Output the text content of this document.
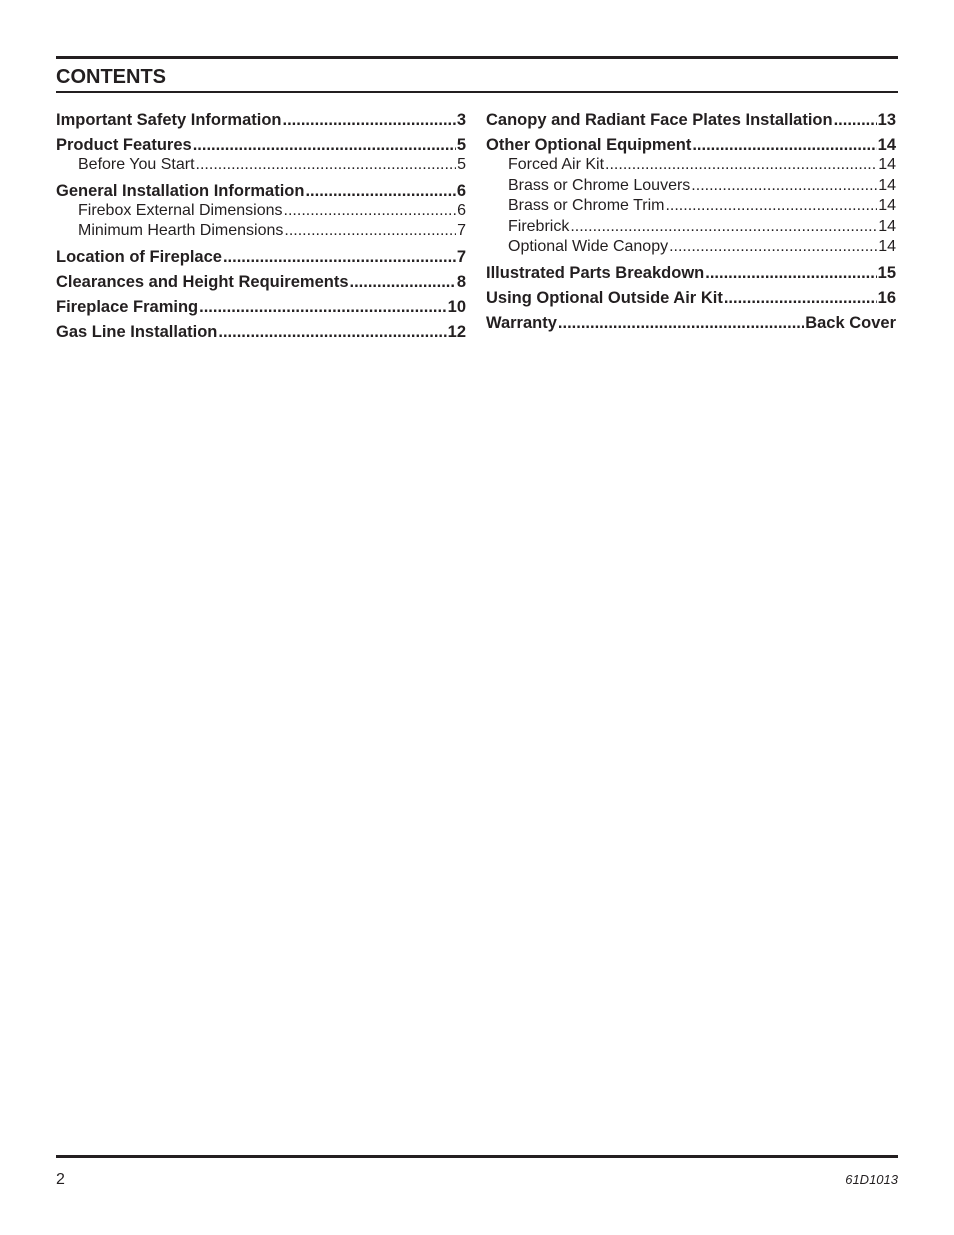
CONTENTS
Important Safety Information .....	3
Product Features .....	5
Before You Start .....	5
General Installation Information .....	6
Firebox External Dimensions .....	6
Minimum Hearth Dimensions .....	7
Location of Fireplace .....	7
Clearances and Height Requirements .....	8
Fireplace Framing .....	10
Gas Line Installation .....	12
Canopy and Radiant Face Plates Installation .....	13
Other Optional Equipment .....	14
Forced Air Kit .....	14
Brass or Chrome Louvers .....	14
Brass or Chrome Trim .....	14
Firebrick .....	14
Optional Wide Canopy .....	14
Illustrated Parts Breakdown .....	15
Using Optional Outside Air Kit .....	16
Warranty .....	Back Cover
2	61D1013
